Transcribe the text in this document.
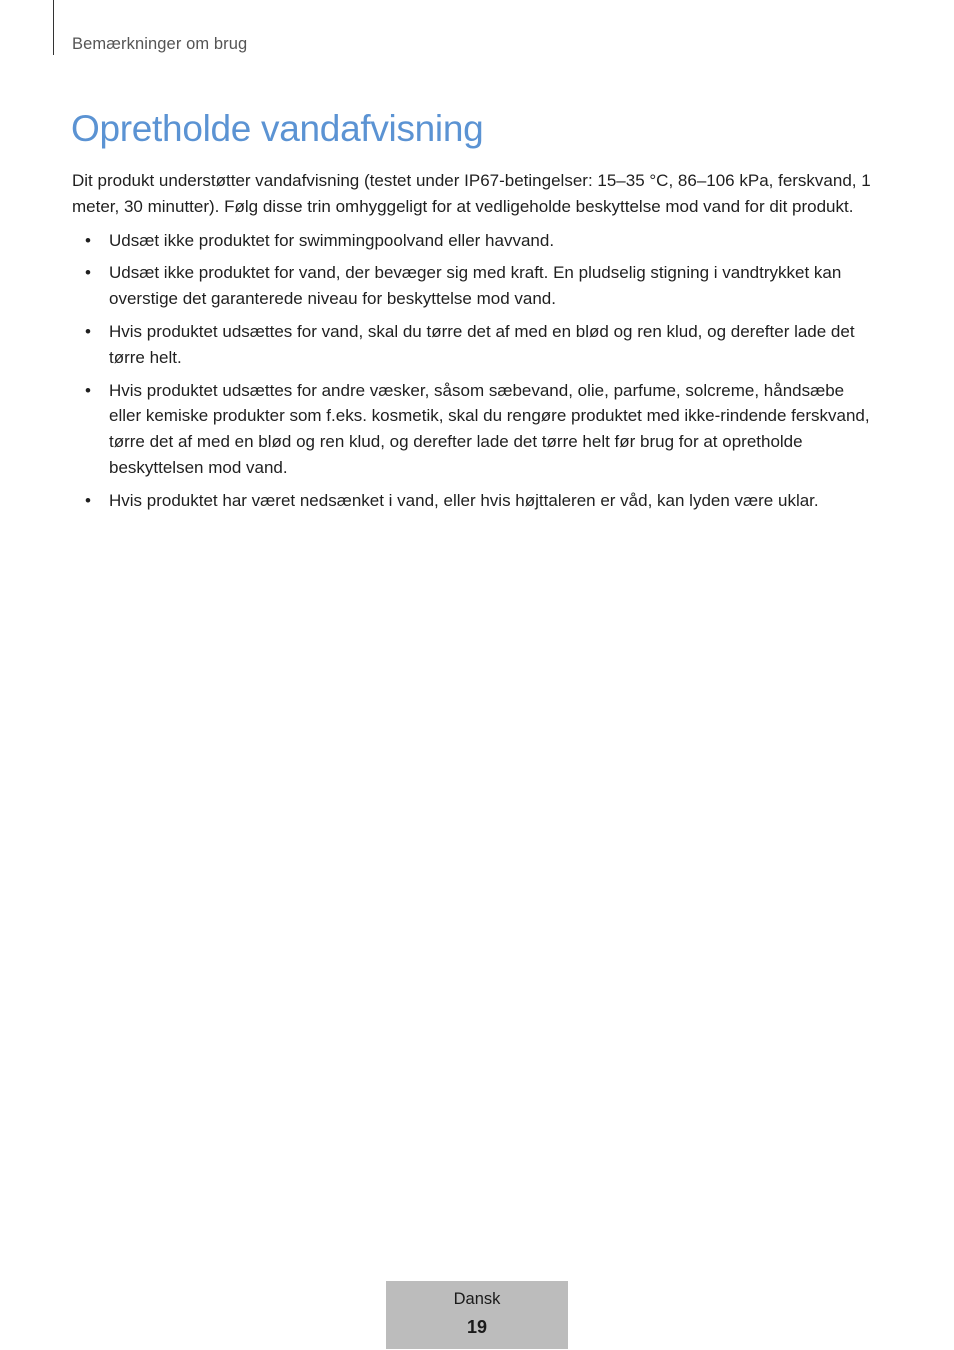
Bemærkninger om brug
Opretholde vandafvisning

Dit produkt understøtter vandafvisning (testet under IP67-betingelser: 15–35 °C, 86–106 kPa, ferskvand, 1 meter, 30 minutter). Følg disse trin omhyggeligt for at vedligeholde beskyttelse mod vand for dit produkt.

• Udsæt ikke produktet for swimmingpoolvand eller havvand.
• Udsæt ikke produktet for vand, der bevæger sig med kraft. En pludselig stigning i vandtrykket kan overstige det garanterede niveau for beskyttelse mod vand.
• Hvis produktet udsættes for vand, skal du tørre det af med en blød og ren klud, og derefter lade det tørre helt.
• Hvis produktet udsættes for andre væsker, såsom sæbevand, olie, parfume, solcreme, håndsæbe eller kemiske produkter som f.eks. kosmetik, skal du rengøre produktet med ikke-rindende ferskvand, tørre det af med en blød og ren klud, og derefter lade det tørre helt før brug for at opretholde beskyttelsen mod vand.
• Hvis produktet har været nedsænket i vand, eller hvis højttaleren er våd, kan lyden være uklar.
Dansk
19
